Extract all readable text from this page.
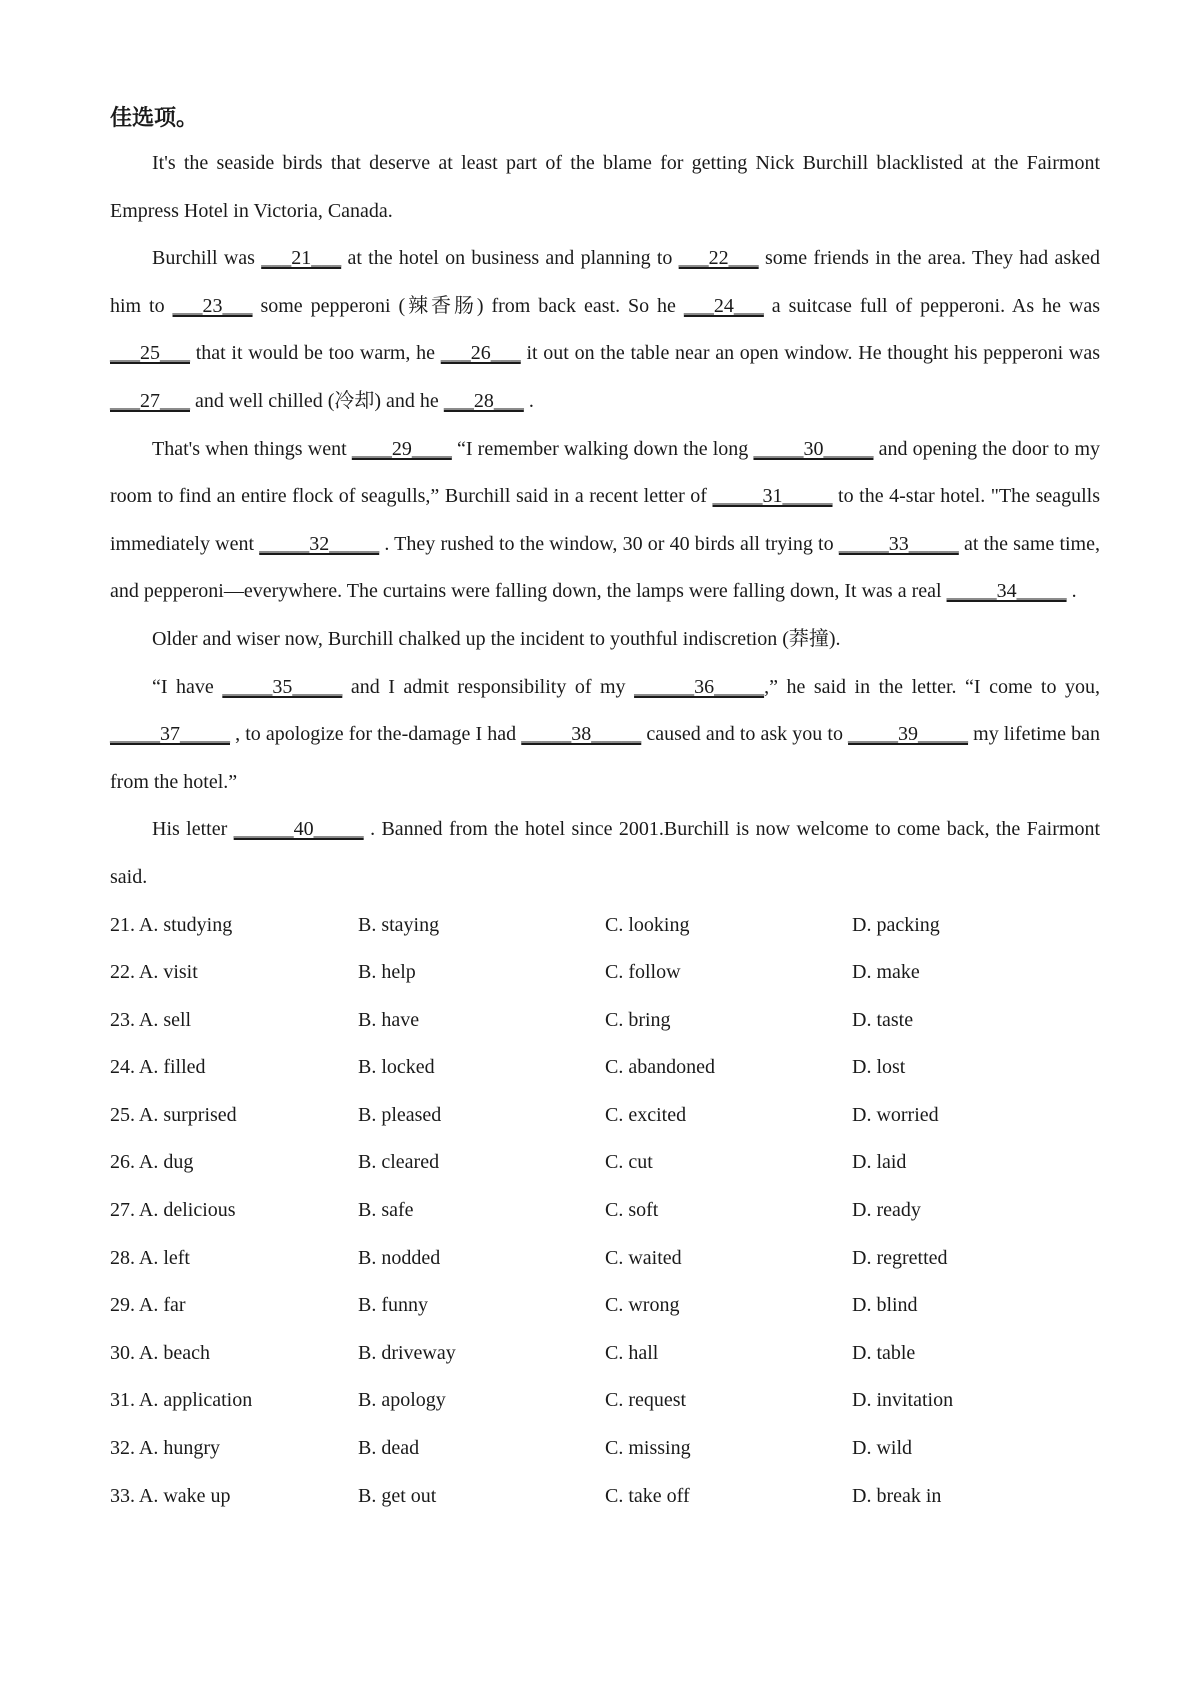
佳选项。

It's the seaside birds that deserve at least part of the blame for getting Nick Burchill blacklisted at the Fairmont Empress Hotel in Victoria, Canada.

Burchill was ___21___ at the hotel on business and planning to ___22___ some friends in the area. They had asked him to ___23___ some pepperoni (辣香肠) from back east. So he ___24___ a suitcase full of pepperoni. As he was ___25___ that it would be too warm, he ___26___ it out on the table near an open window. He thought his pepperoni was ___27___ and well chilled (冷却) and he ___28___ .

That's when things went ____29____ “I remember walking down the long _____30_____ and opening the door to my room to find an entire flock of seagulls,” Burchill said in a recent letter of _____31_____ to the 4-star hotel. "The seagulls immediately went _____32_____ . They rushed to the window, 30 or 40 birds all trying to _____33_____ at the same time, and pepperoni—everywhere. The curtains were falling down, the lamps were falling down, It was a real _____34_____ .

Older and wiser now, Burchill chalked up the incident to youthful indiscretion (莽撞).

“I have _____35_____ and I admit responsibility of my ______36_____,” he said in the letter. “I come to you, _____37_____ , to apologize for the-damage I had _____38_____ caused and to ask you to _____39_____ my lifetime ban from the hotel.”

His letter ______40_____ . Banned from the hotel since 2001.Burchill is now welcome to come back, the Fairmont said.

21. A. studying	B. staying	C. looking	D. packing
22. A. visit	B. help	C. follow	D. make
23. A. sell	B. have	C. bring	D. taste
24. A. filled	B. locked	C. abandoned	D. lost
25. A. surprised	B. pleased	C. excited	D. worried
26. A. dug	B. cleared	C. cut	D. laid
27. A. delicious	B. safe	C. soft	D. ready
28. A. left	B. nodded	C. waited	D. regretted
29. A. far	B. funny	C. wrong	D. blind
30. A. beach	B. driveway	C. hall	D. table
31. A. application	B. apology	C. request	D. invitation
32. A. hungry	B. dead	C. missing	D. wild
33. A. wake up	B. get out	C. take off	D. break in
